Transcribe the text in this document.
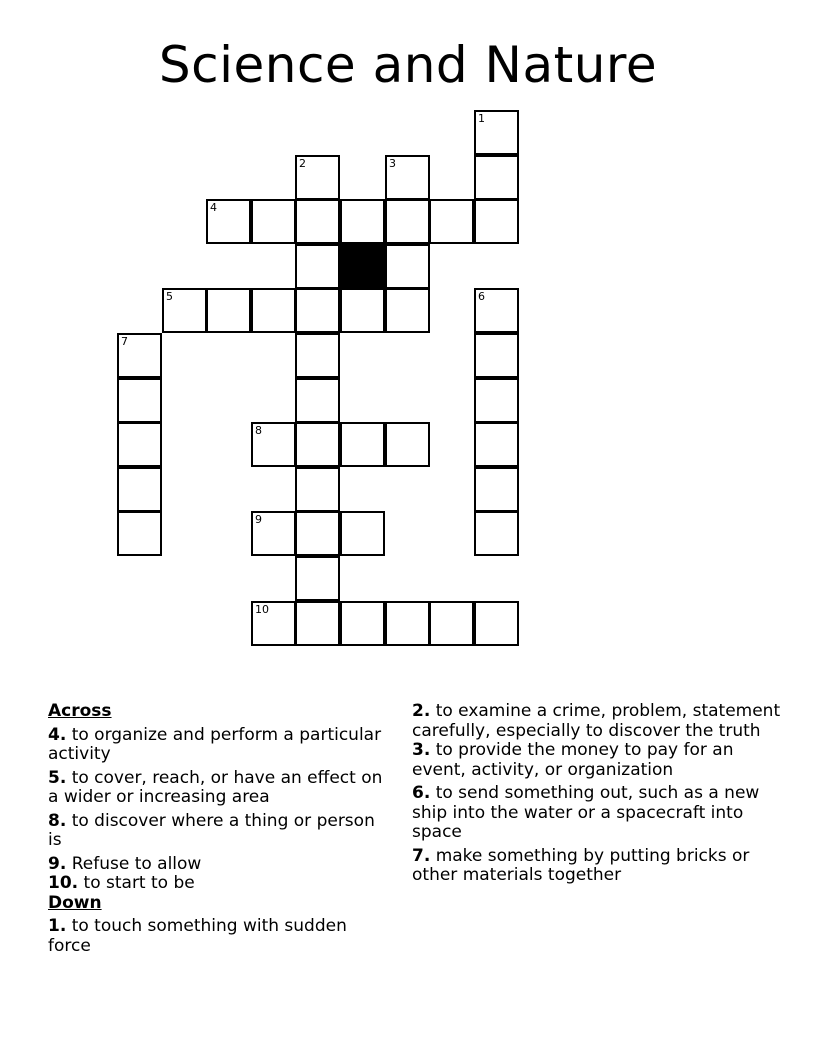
Science and Nature
1
2	3
4
5	6
7
8
9
10
Across
4. to organize and perform a particular activity
5. to cover, reach, or have an effect on a wider or increasing area
8. to discover where a thing or person is
9. Refuse to allow
10. to start to be
Down
1. to touch something with sudden force
2. to examine a crime, problem, statement carefully, especially to discover the truth
3. to provide the money to pay for an event, activity, or organization
6. to send something out, such as a new ship into the water or a spacecraft into space
7. make something by putting bricks or other materials together
